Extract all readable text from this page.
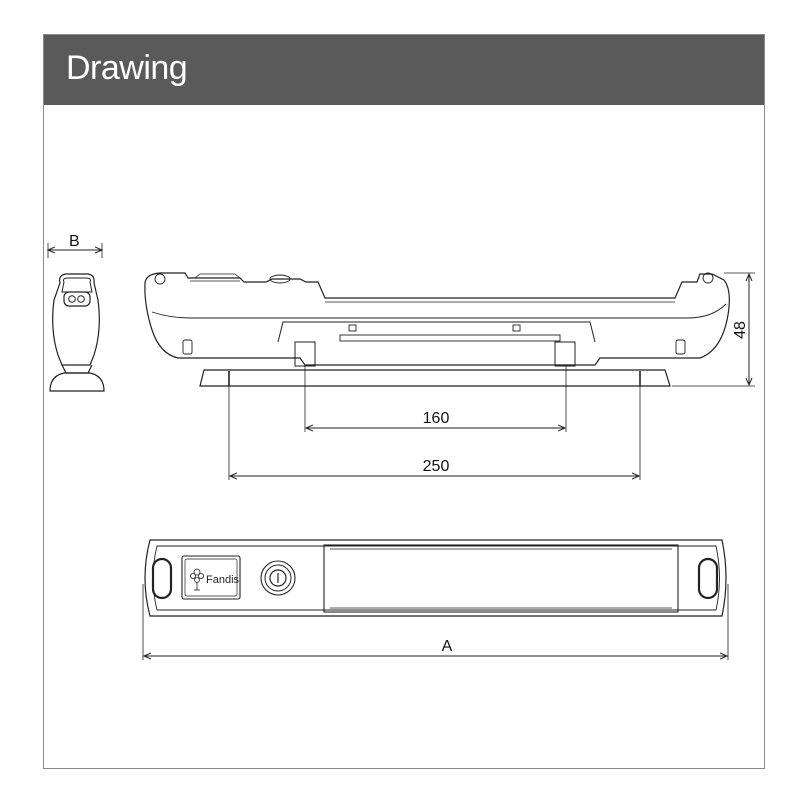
Drawing
B
48
160
250
Fandis
A
